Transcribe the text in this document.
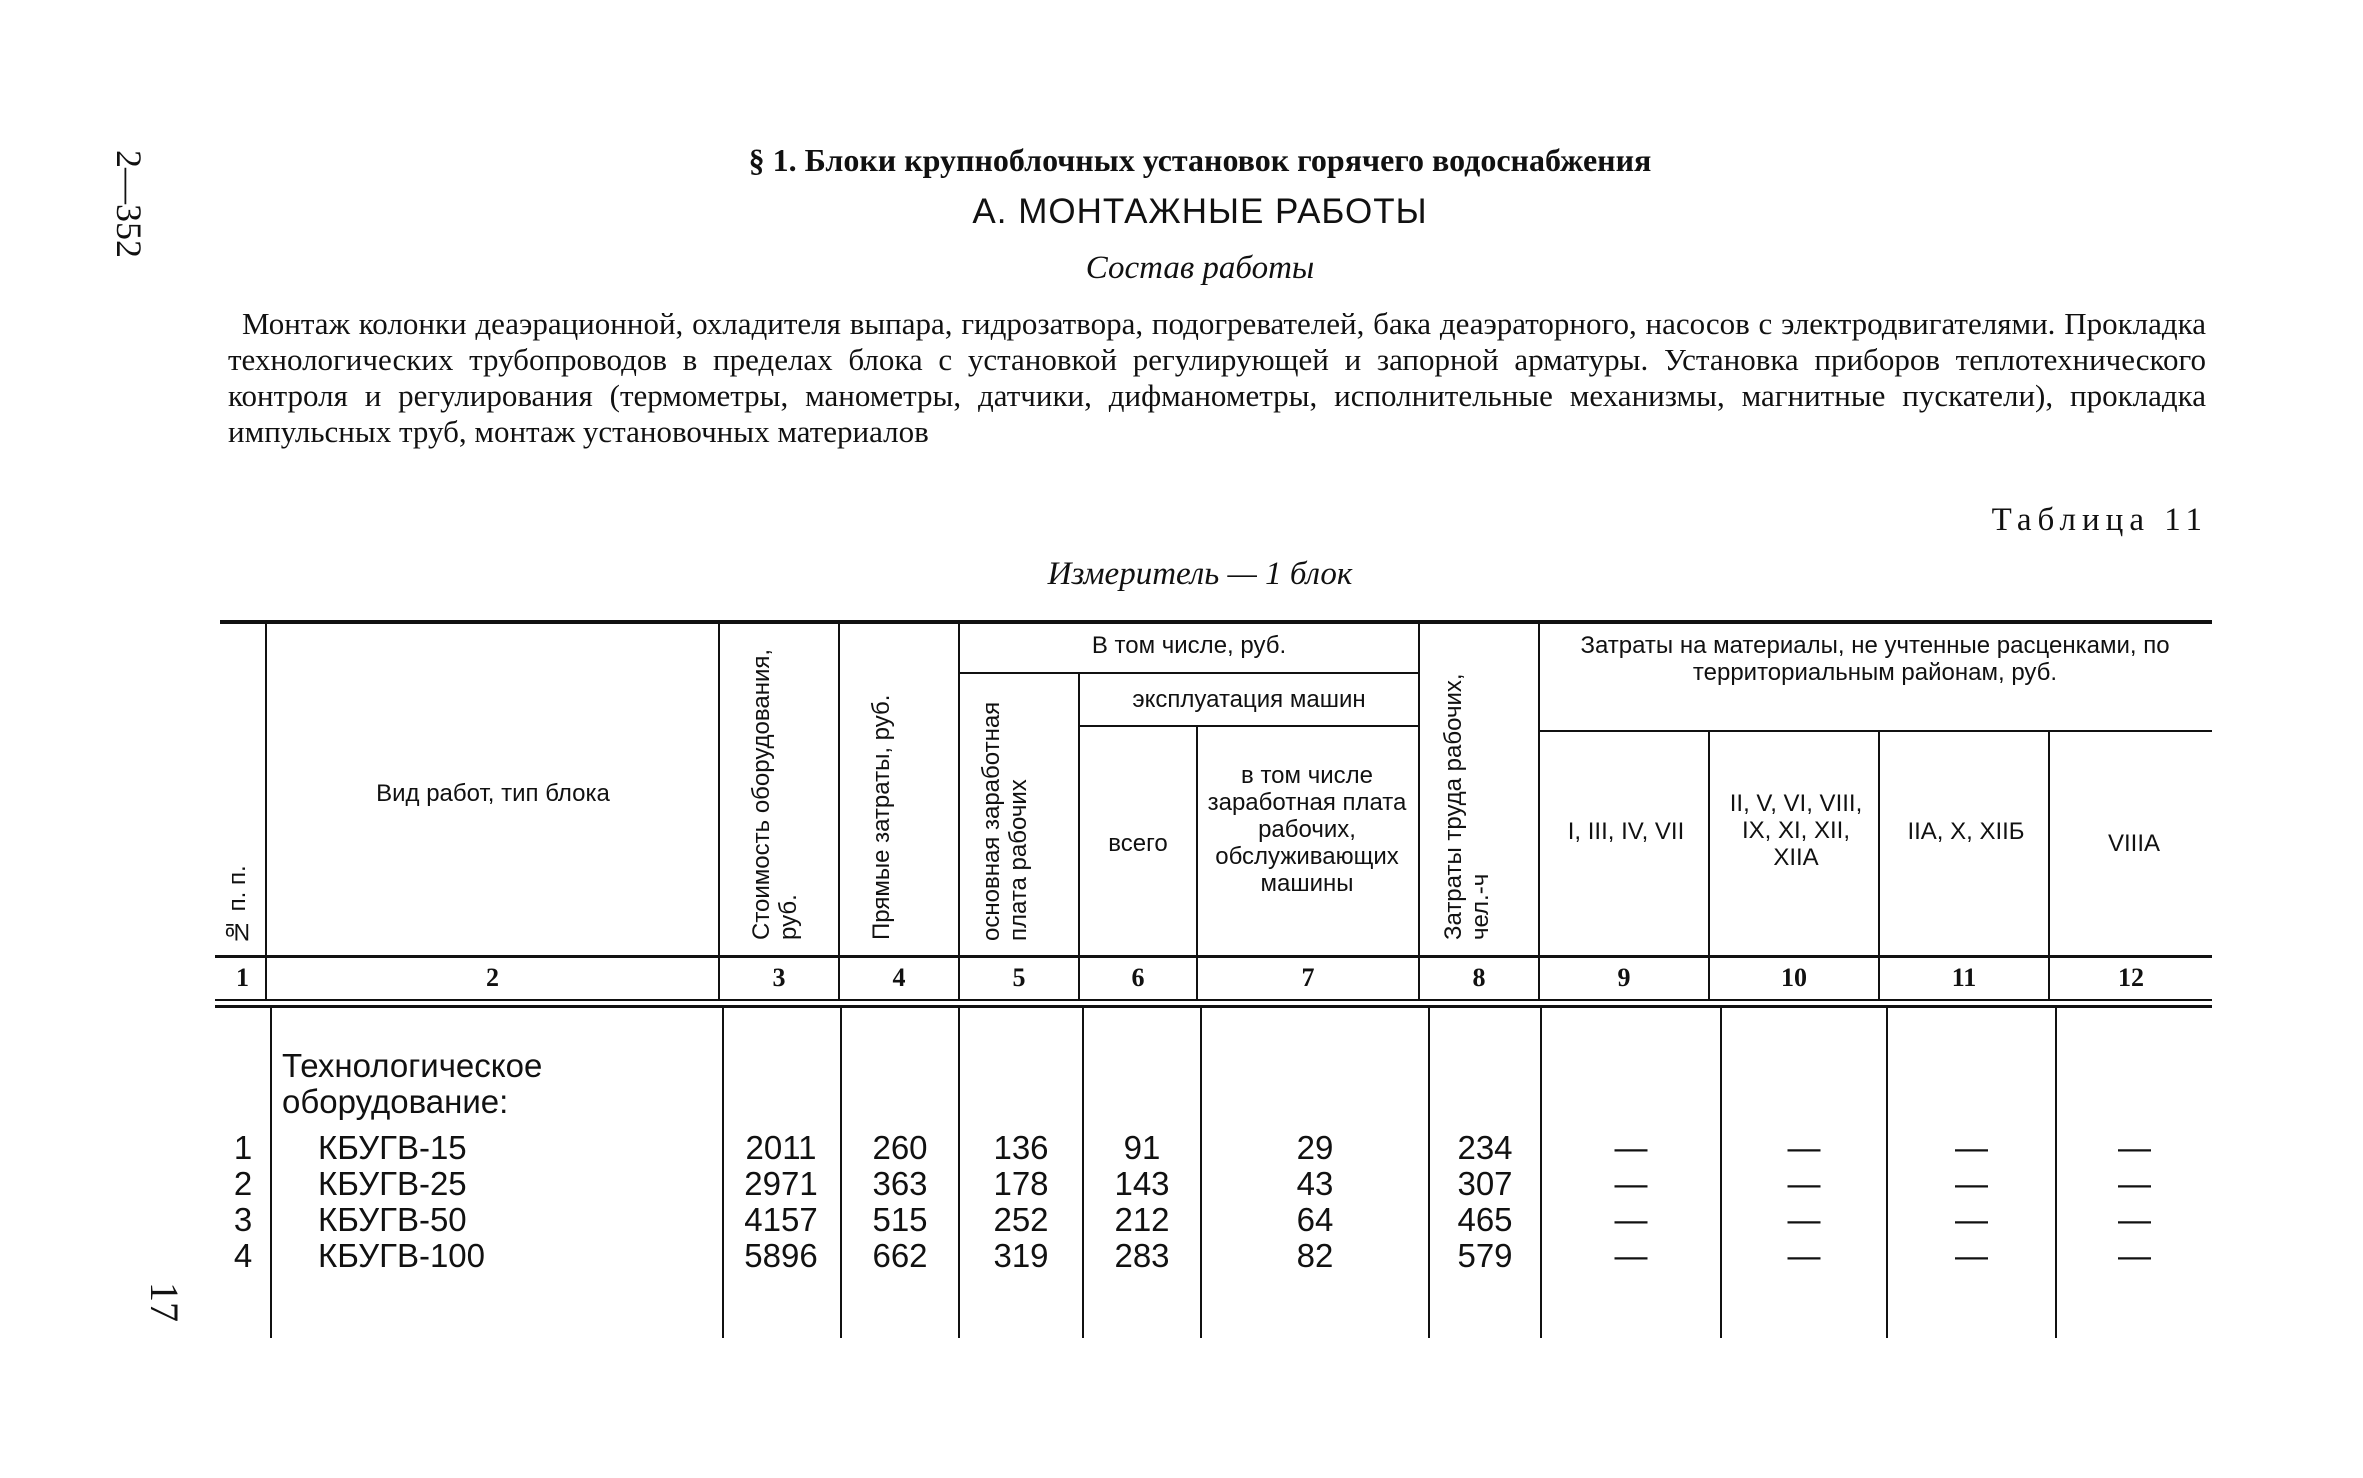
2—352
17
§ 1. Блоки крупноблочных установок горячего водоснабжения
А. МОНТАЖНЫЕ РАБОТЫ
Состав работы
Монтаж колонки деаэрационной, охладителя выпара, гидрозатвора, подогревателей, бака деаэраторного, насосов с электродвигателями. Прокладка технологических трубопроводов в пределах блока с установкой регулирующей и запорной арматуры. Установка приборов теплотехнического контроля и регулирования (термометры, манометры, датчики, дифманометры, исполнительные механизмы, магнитные пускатели), прокладка импульсных труб, монтаж установочных материалов
Таблица 11
Измеритель — 1 блок
№ п. п.
Вид работ, тип блока	Стоимость оборудования, руб.	Прямые затраты, руб.
В том числе, руб.
основная заработная плата рабочих
эксплуатация машин
всего
в том числе заработная плата рабочих, обслуживающих машины	Затраты труда рабочих, чел.-ч
Затраты на материалы, не учтенные расценками, по территориальным районам, руб.
I, III, IV, VII
II, V, VI, VIII, IX, XI, XII, XIIA
IIA, X, XIIБ	VIIIA
1	2	3	4	5	6	7	8	9	10	11	12
Технологическое оборудование:
1	КБУГВ-15	2011	260	136	91	29	234	—	—	—	—
2	КБУГВ-25	2971	363	178	143	43	307	—	—	—	—
3	КБУГВ-50	4157	515	252	212	64	465	—	—	—	—
4	КБУГВ-100	5896	662	319	283	82	579	—	—	—	—
